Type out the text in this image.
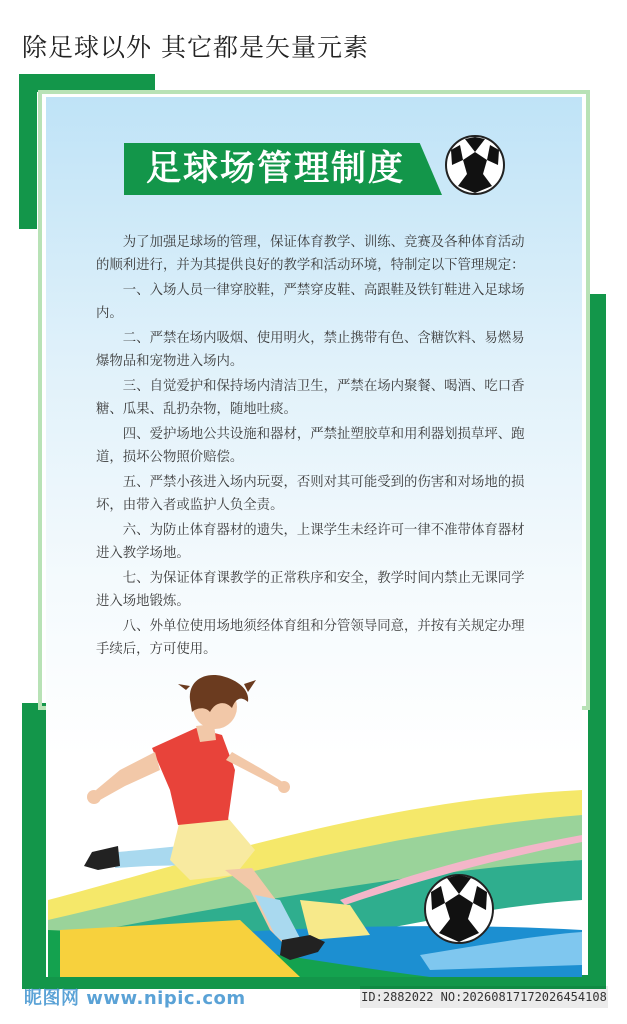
除足球以外 其它都是矢量元素
足球场管理制度

为了加强足球场的管理，保证体育教学、训练、竞赛及各种体育活动的顺利进行，并为其提供良好的教学和活动环境，特制定以下管理规定：

一、入场人员一律穿胶鞋，严禁穿皮鞋、高跟鞋及铁钉鞋进入足球场内。

二、严禁在场内吸烟、使用明火，禁止携带有色、含糖饮料、易燃易爆物品和宠物进入场内。

三、自觉爱护和保持场内清洁卫生，严禁在场内聚餐、喝酒、吃口香糖、瓜果、乱扔杂物，随地吐痰。

四、爱护场地公共设施和器材，严禁扯塑胶草和用利器划损草坪、跑道，损坏公物照价赔偿。

五、严禁小孩进入场内玩耍，否则对其可能受到的伤害和对场地的损坏，由带入者或监护人负全责。

六、为防止体育器材的遗失，上课学生未经许可一律不准带体育器材进入教学场地。

七、为保证体育课教学的正常秩序和安全，教学时间内禁止无课同学进入场地锻炼。

八、外单位使用场地须经体育组和分管领导同意，并按有关规定办理手续后，方可使用。

昵图网 www.nipic.com	ID:2882022 NO:20260817172026454108
